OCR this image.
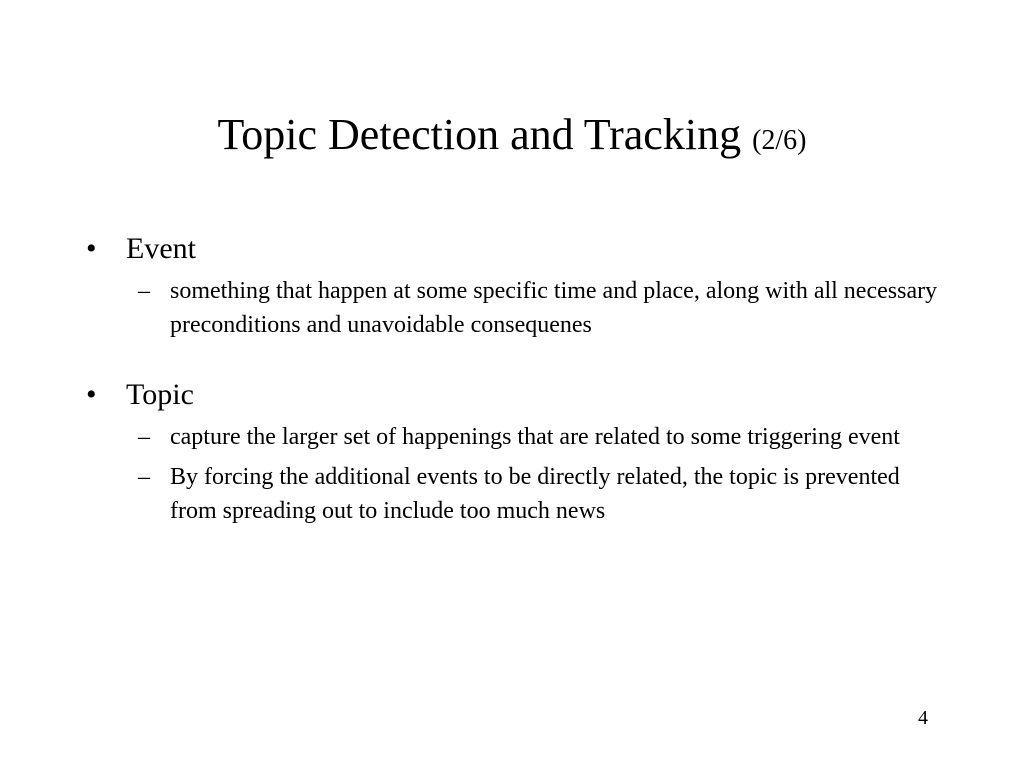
Topic Detection and Tracking (2/6)
• Event
– something that happen at some specific time and place, along with all necessary preconditions and unavoidable consequenes
• Topic
– capture the larger set of happenings that are related to some triggering event
– By forcing the additional events to be directly related, the topic is prevented from spreading out to include too much news
4
